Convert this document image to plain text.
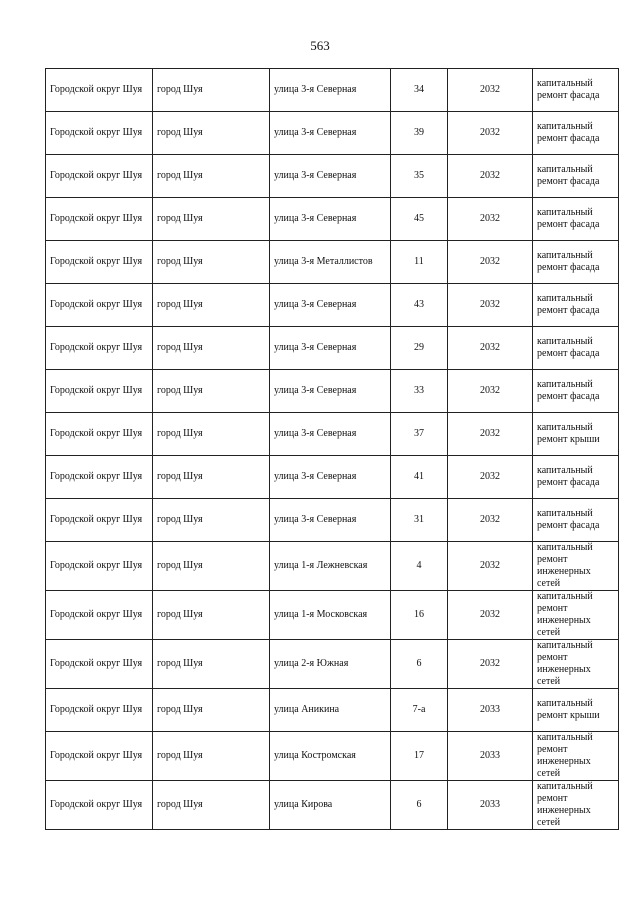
563
Городской округ Шуя	город Шуя	улица 3-я Северная	34	2032	капитальный ремонт фасада
Городской округ Шуя	город Шуя	улица 3-я Северная	39	2032	капитальный ремонт фасада
Городской округ Шуя	город Шуя	улица 3-я Северная	35	2032	капитальный ремонт фасада
Городской округ Шуя	город Шуя	улица 3-я Северная	45	2032	капитальный ремонт фасада
Городской округ Шуя	город Шуя	улица 3-я Металлистов	11	2032	капитальный ремонт фасада
Городской округ Шуя	город Шуя	улица 3-я Северная	43	2032	капитальный ремонт фасада
Городской округ Шуя	город Шуя	улица 3-я Северная	29	2032	капитальный ремонт фасада
Городской округ Шуя	город Шуя	улица 3-я Северная	33	2032	капитальный ремонт фасада
Городской округ Шуя	город Шуя	улица 3-я Северная	37	2032	капитальный ремонт крыши
Городской округ Шуя	город Шуя	улица 3-я Северная	41	2032	капитальный ремонт фасада
Городской округ Шуя	город Шуя	улица 3-я Северная	31	2032	капитальный ремонт фасада
Городской округ Шуя	город Шуя	улица 1-я Лежневская	4	2032	капитальный ремонт инженерных сетей
Городской округ Шуя	город Шуя	улица 1-я Московская	16	2032	капитальный ремонт инженерных сетей
Городской округ Шуя	город Шуя	улица 2-я Южная	6	2032	капитальный ремонт инженерных сетей
Городской округ Шуя	город Шуя	улица Аникина	7-а	2033	капитальный ремонт крыши
Городской округ Шуя	город Шуя	улица Костромская	17	2033	капитальный ремонт инженерных сетей
Городской округ Шуя	город Шуя	улица Кирова	6	2033	капитальный ремонт инженерных сетей
